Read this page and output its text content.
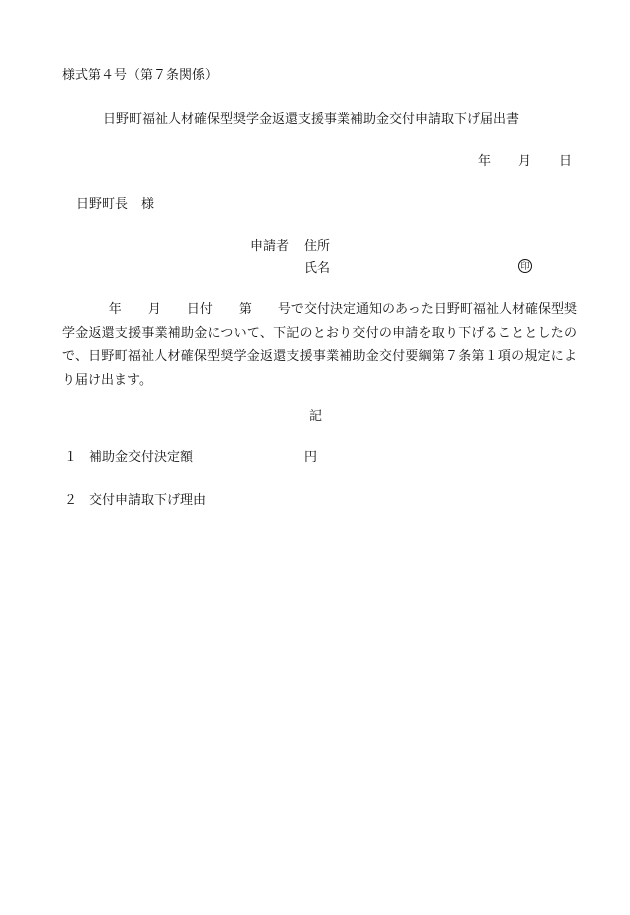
様式第４号（第７条関係）
日野町福祉人材確保型奨学金返還支援事業補助金交付申請取下げ届出書
年 月 日
日野町長　様
申請者 住所
氏名	印
年　　月　　日付　　第　　号で交付決定通知のあった日野町福祉人材確保型奨学金返還支援事業補助金について、下記のとおり交付の申請を取り下げることとしたので、日野町福祉人材確保型奨学金返還支援事業補助金交付要綱第７条第１項の規定により届け出ます。
記
１ 補助金交付決定額	円
２ 交付申請取下げ理由
